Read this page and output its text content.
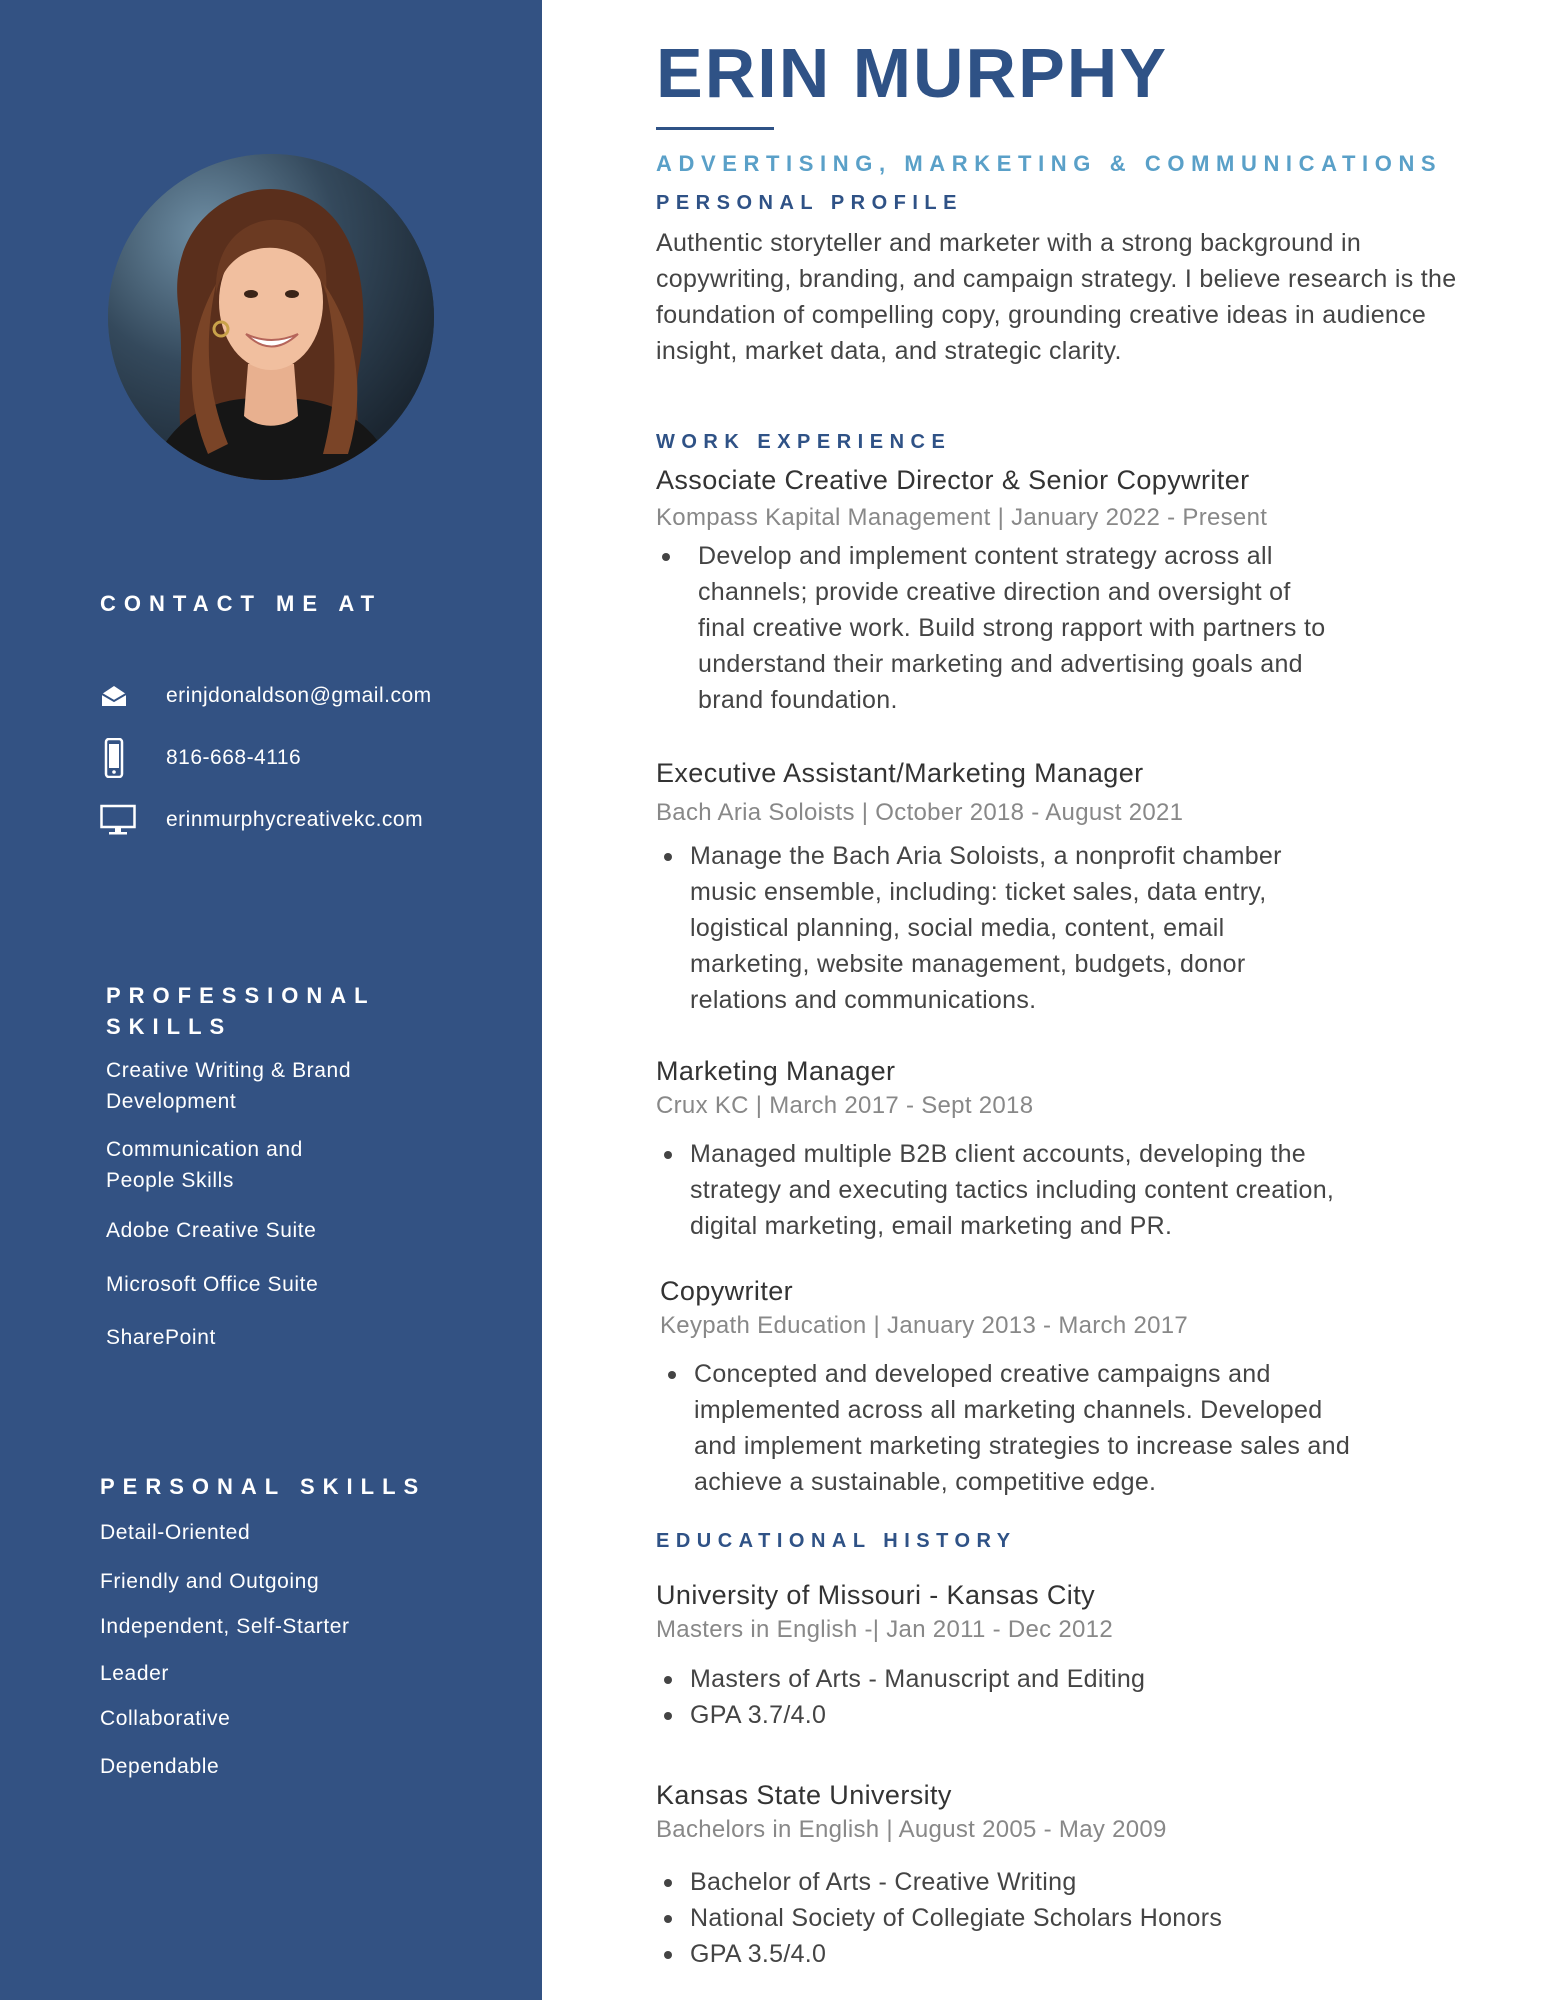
CONTACT ME AT
erinjdonaldson@gmail.com
816-668-4116
erinmurphycreativekc.com
PROFESSIONAL
SKILLS
Creative Writing & Brand
Development
Communication and
People Skills
Adobe Creative Suite
Microsoft Office Suite
SharePoint
PERSONAL SKILLS
Detail-Oriented
Friendly and Outgoing
Independent, Self-Starter
Leader
Collaborative
Dependable
ERIN MURPHY
ADVERTISING, MARKETING & COMMUNICATIONS
PERSONAL PROFILE
Authentic storyteller and marketer with a strong background in
copywriting, branding, and campaign strategy. I believe research is the
foundation of compelling copy, grounding creative ideas in audience
insight, market data, and strategic clarity.
WORK EXPERIENCE
Associate Creative Director & Senior Copywriter
Kompass Kapital Management | January 2022 - Present
Develop and implement content strategy across all
channels; provide creative direction and oversight of
final creative work. Build strong rapport with partners to
understand their marketing and advertising goals and
brand foundation.
Executive Assistant/Marketing Manager
Bach Aria Soloists | October 2018 - August 2021
Manage the Bach Aria Soloists, a nonprofit chamber
music ensemble, including: ticket sales, data entry,
logistical planning, social media, content, email
marketing, website management, budgets, donor
relations and communications.
Marketing Manager
Crux KC | March 2017 - Sept 2018
Managed multiple B2B client accounts, developing the
strategy and executing tactics including content creation,
digital marketing, email marketing and PR.
Copywriter
Keypath Education | January 2013 - March 2017
Concepted and developed creative campaigns and
implemented across all marketing channels. Developed
and implement marketing strategies to increase sales and
achieve a sustainable, competitive edge.
EDUCATIONAL HISTORY
University of Missouri - Kansas City
Masters in English -| Jan 2011 - Dec 2012
Masters of Arts - Manuscript and Editing
GPA 3.7/4.0
Kansas State University
Bachelors in English | August 2005 - May 2009
Bachelor of Arts - Creative Writing
National Society of Collegiate Scholars Honors
GPA 3.5/4.0
